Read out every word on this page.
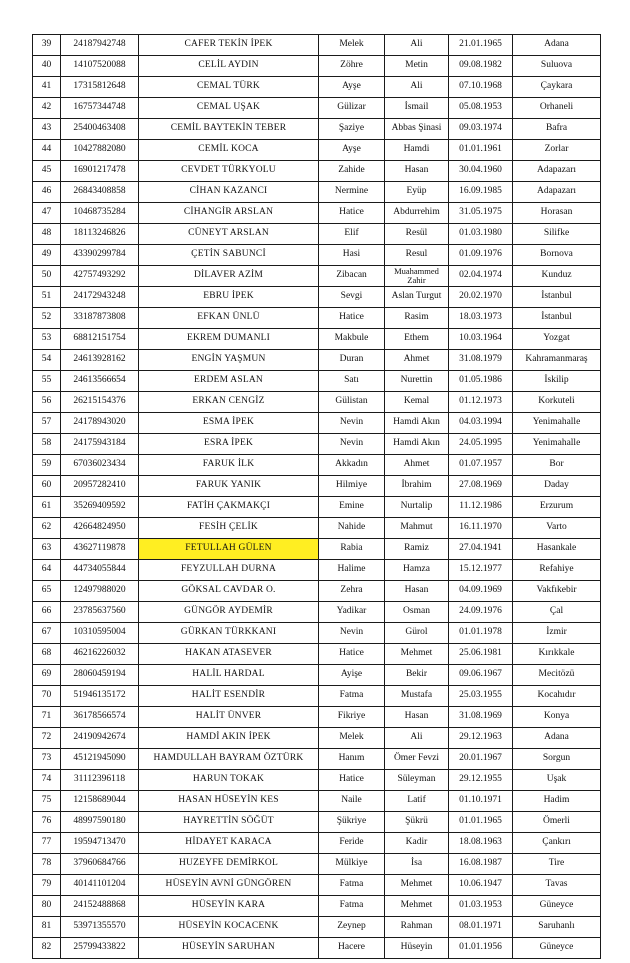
39	24187942748	CAFER TEKİN İPEK	Melek	Ali	21.01.1965	Adana
40	14107520088	CELİL AYDIN	Zöhre	Metin	09.08.1982	Suluova
41	17315812648	CEMAL TÜRK	Ayşe	Ali	07.10.1968	Çaykara
42	16757344748	CEMAL UŞAK	Gülizar	İsmail	05.08.1953	Orhaneli
43	25400463408	CEMİL BAYTEKİN TEBER	Şaziye	Abbas Şinasi	09.03.1974	Bafra
44	10427882080	CEMİL KOCA	Ayşe	Hamdi	01.01.1961	Zorlar
45	16901217478	CEVDET TÜRKYOLU	Zahide	Hasan	30.04.1960	Adapazarı
46	26843408858	CİHAN KAZANCI	Nermine	Eyüp	16.09.1985	Adapazarı
47	10468735284	CİHANGİR ARSLAN	Hatice	Abdurrehim	31.05.1975	Horasan
48	18113246826	CÜNEYT ARSLAN	Elif	Resül	01.03.1980	Silifke
49	43390299784	ÇETİN SABUNCİ	Hasi	Resul	01.09.1976	Bornova
50	42757493292	DİLAVER AZİM	Zibacan	Muahammed Zahir	02.04.1974	Kunduz
51	24172943248	EBRU İPEK	Sevgi	Aslan Turgut	20.02.1970	İstanbul
52	33187873808	EFKAN ÜNLÜ	Hatice	Rasim	18.03.1973	İstanbul
53	68812151754	EKREM DUMANLI	Makbule	Ethem	10.03.1964	Yozgat
54	24613928162	ENGİN YAŞMUN	Duran	Ahmet	31.08.1979	Kahramanmaraş
55	24613566654	ERDEM ASLAN	Satı	Nurettin	01.05.1986	İskilip
56	26215154376	ERKAN CENGİZ	Gülistan	Kemal	01.12.1973	Korkuteli
57	24178943020	ESMA İPEK	Nevin	Hamdi Akın	04.03.1994	Yenimahalle
58	24175943184	ESRA İPEK	Nevin	Hamdi Akın	24.05.1995	Yenimahalle
59	67036023434	FARUK İLK	Akkadın	Ahmet	01.07.1957	Bor
60	20957282410	FARUK YANIK	Hilmiye	İbrahim	27.08.1969	Daday
61	35269409592	FATİH ÇAKMAKÇI	Emine	Nurtalip	11.12.1986	Erzurum
62	42664824950	FESİH ÇELİK	Nahide	Mahmut	16.11.1970	Varto
63	43627119878	FETULLAH GÜLEN	Rabia	Ramiz	27.04.1941	Hasankale
64	44734055844	FEYZULLAH DURNA	Halime	Hamza	15.12.1977	Refahiye
65	12497988020	GÖKSAL CAVDAR O.	Zehra	Hasan	04.09.1969	Vakfıkebir
66	23785637560	GÜNGÖR AYDEMİR	Yadikar	Osman	24.09.1976	Çal
67	10310595004	GÜRKAN TÜRKKANI	Nevin	Gürol	01.01.1978	İzmir
68	46216226032	HAKAN ATASEVER	Hatice	Mehmet	25.06.1981	Kırıkkale
69	28060459194	HALİL HARDAL	Ayişe	Bekir	09.06.1967	Mecitözü
70	51946135172	HALİT ESENDİR	Fatma	Mustafa	25.03.1955	Kocahıdır
71	36178566574	HALİT ÜNVER	Fikriye	Hasan	31.08.1969	Konya
72	24190942674	HAMDİ AKIN İPEK	Melek	Ali	29.12.1963	Adana
73	45121945090	HAMDULLAH BAYRAM ÖZTÜRK	Hanım	Ömer Fevzi	20.01.1967	Sorgun
74	31112396118	HARUN TOKAK	Hatice	Süleyman	29.12.1955	Uşak
75	12158689044	HASAN HÜSEYİN KES	Naile	Latif	01.10.1971	Hadim
76	48997590180	HAYRETTİN SÖĞÜT	Şükriye	Şükrü	01.01.1965	Ömerli
77	19594713470	HİDAYET KARACA	Feride	Kadir	18.08.1963	Çankırı
78	37960684766	HUZEYFE DEMİRKOL	Mülkiye	İsa	16.08.1987	Tire
79	40141101204	HÜSEYİN AVNİ GÜNGÖREN	Fatma	Mehmet	10.06.1947	Tavas
80	24152488868	HÜSEYİN KARA	Fatma	Mehmet	01.03.1953	Güneyce
81	53971355570	HÜSEYİN KOCACENK	Zeynep	Rahman	08.01.1971	Saruhanlı
82	25799433822	HÜSEYİN SARUHAN	Hacere	Hüseyin	01.01.1956	Güneyce
